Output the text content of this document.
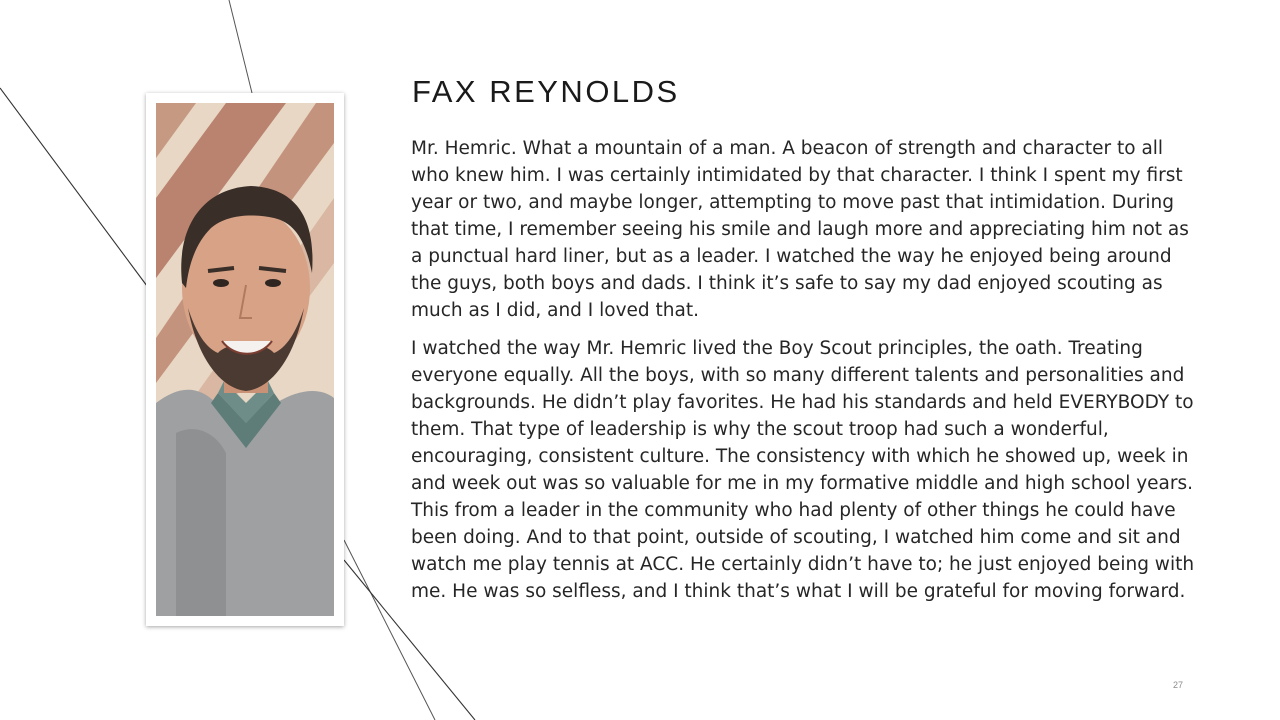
FAX REYNOLDS

Mr. Hemric. What a mountain of a man. A beacon of strength and character to all who knew him. I was certainly intimidated by that character. I think I spent my first year or two, and maybe longer, attempting to move past that intimidation. During that time, I remember seeing his smile and laugh more and appreciating him not as a punctual hard liner, but as a leader. I watched the way he enjoyed being around the guys, both boys and dads. I think it’s safe to say my dad enjoyed scouting as much as I did, and I loved that.

I watched the way Mr. Hemric lived the Boy Scout principles, the oath. Treating everyone equally. All the boys, with so many different talents and personalities and backgrounds. He didn’t play favorites. He had his standards and held EVERYBODY to them. That type of leadership is why the scout troop had such a wonderful, encouraging, consistent culture. The consistency with which he showed up, week in and week out was so valuable for me in my formative middle and high school years. This from a leader in the community who had plenty of other things he could have been doing. And to that point, outside of scouting, I watched him come and sit and watch me play tennis at ACC. He certainly didn’t have to; he just enjoyed being with me. He was so selfless, and I think that’s what I will be grateful for moving forward.

27
